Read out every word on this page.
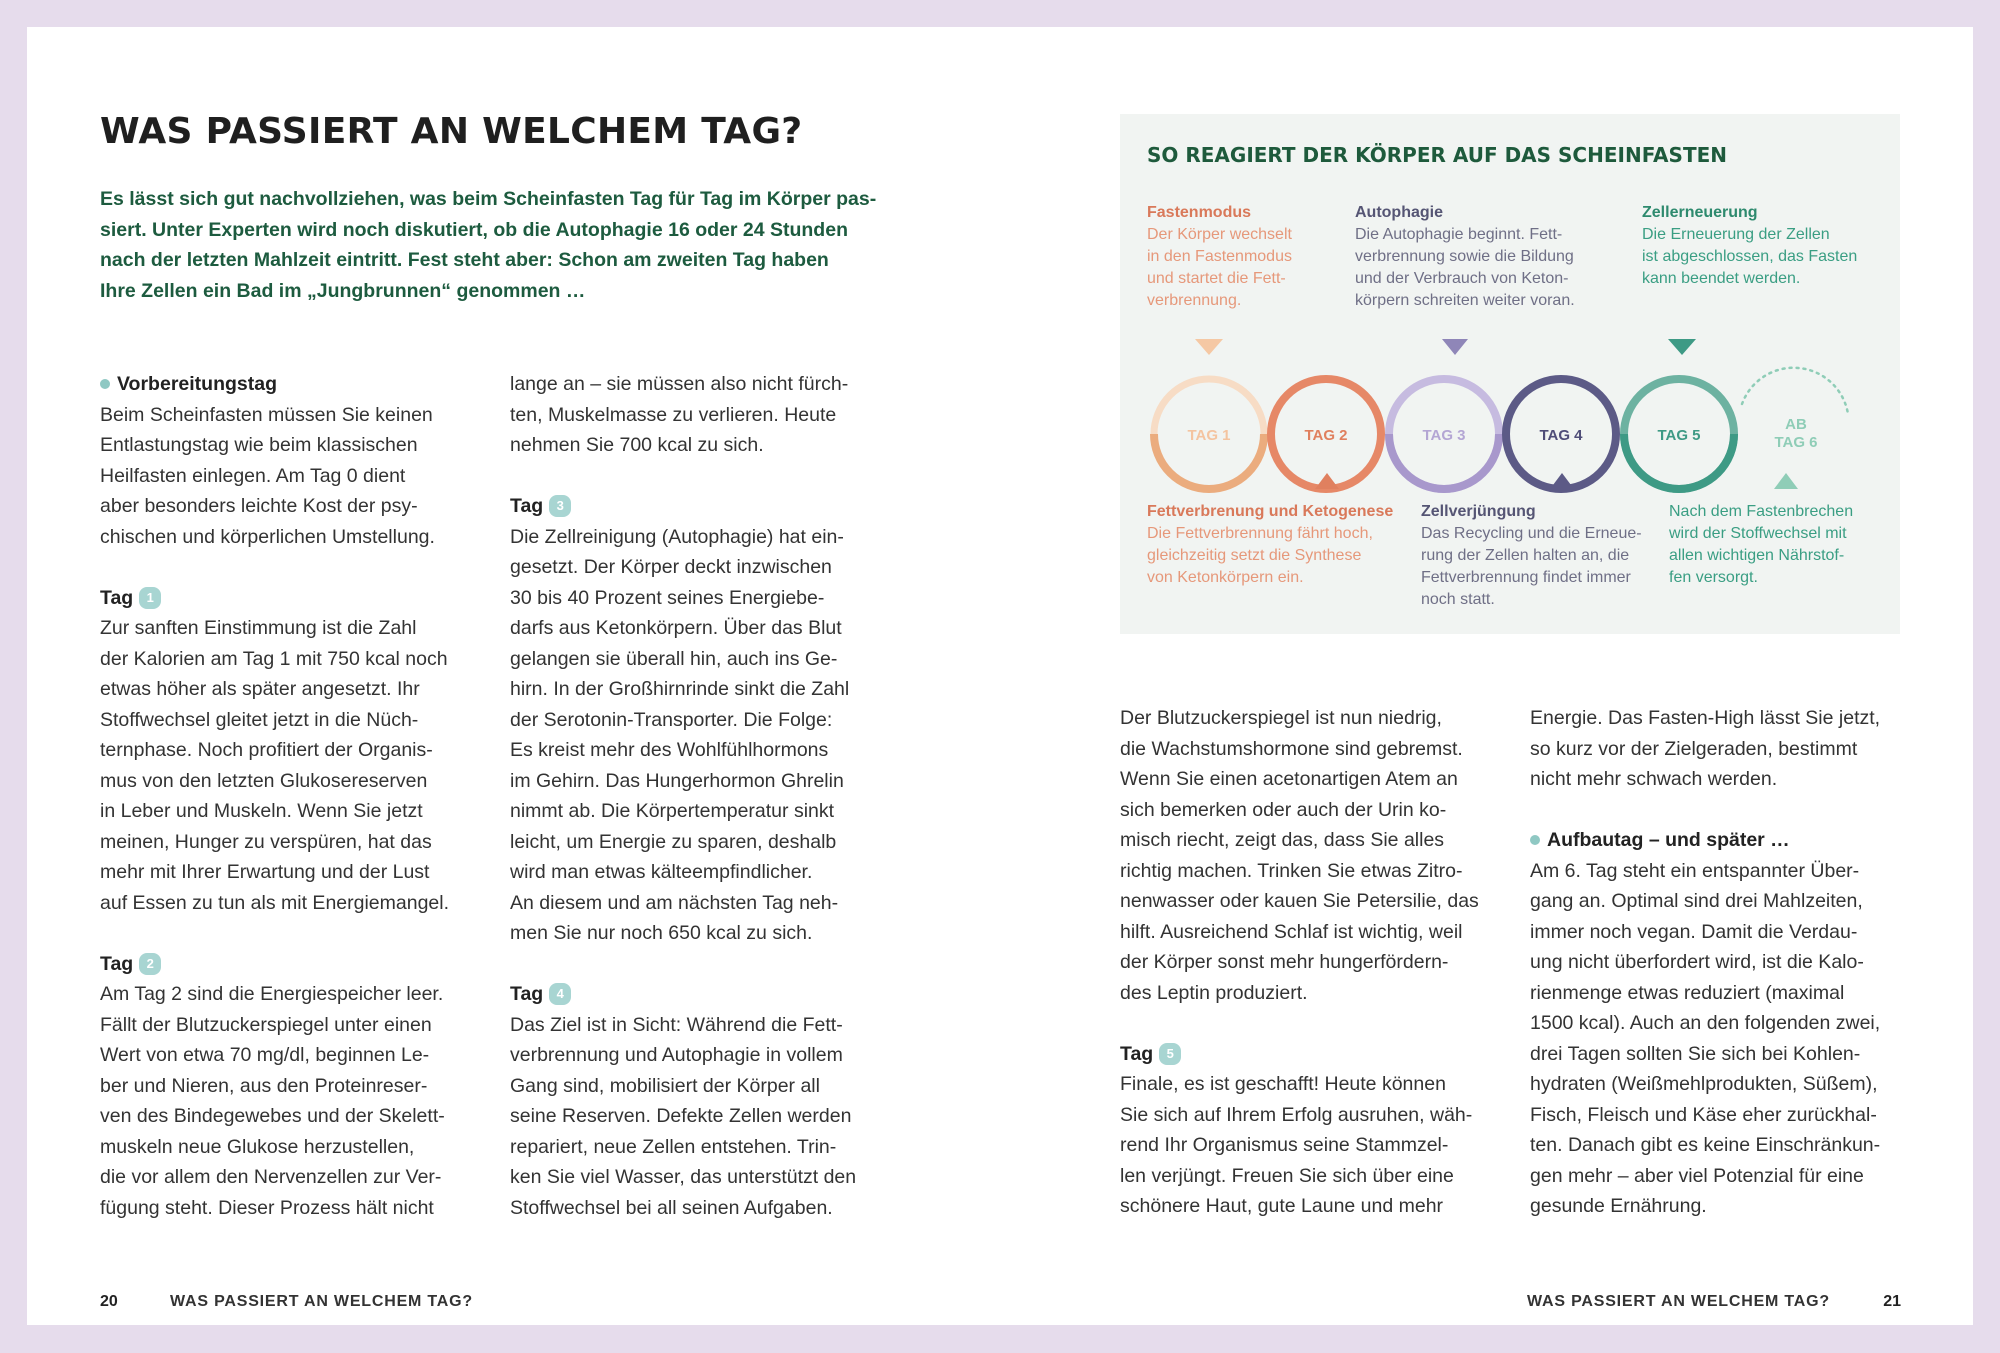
WAS PASSIERT AN WELCHEM TAG?

Es lässt sich gut nachvollziehen, was beim Scheinfasten Tag für Tag im Körper pas-
siert. Unter Experten wird noch diskutiert, ob die Autophagie 16 oder 24 Stunden
nach der letzten Mahlzeit eintritt. Fest steht aber: Schon am zweiten Tag haben
Ihre Zellen ein Bad im „Jungbrunnen“ genommen …

Vorbereitungstag

Beim Scheinfasten müssen Sie keinen
Entlastungstag wie beim klassischen
Heilfasten einlegen. Am Tag 0 dient
aber besonders leichte Kost der psy-
chischen und körperlichen Umstellung.

Tag	1

Zur sanften Einstimmung ist die Zahl
der Kalorien am Tag 1 mit 750 kcal noch
etwas höher als später angesetzt. Ihr
Stoffwechsel gleitet jetzt in die Nüch-
ternphase. Noch profitiert der Organis-
mus von den letzten Glukosereserven
in Leber und Muskeln. Wenn Sie jetzt
meinen, Hunger zu verspüren, hat das
mehr mit Ihrer Erwartung und der Lust
auf Essen zu tun als mit Energiemangel.

Tag	2

Am Tag 2 sind die Energiespeicher leer.
Fällt der Blutzuckerspiegel unter einen
Wert von etwa 70 mg/dl, beginnen Le-
ber und Nieren, aus den Proteinreser-
ven des Bindegewebes und der Skelett-
muskeln neue Glukose herzustellen,
die vor allem den Nervenzellen zur Ver-
fügung steht. Dieser Prozess hält nicht

lange an – sie müssen also nicht fürch-
ten, Muskelmasse zu verlieren. Heute
nehmen Sie 700 kcal zu sich.

Tag	3

Die Zellreinigung (Autophagie) hat ein-
gesetzt. Der Körper deckt inzwischen
30 bis 40 Prozent seines Energiebe-
darfs aus Ketonkörpern. Über das Blut
gelangen sie überall hin, auch ins Ge-
hirn. In der Großhirnrinde sinkt die Zahl
der Serotonin-Transporter. Die Folge:
Es kreist mehr des Wohlfühlhormons
im Gehirn. Das Hungerhormon Ghrelin
nimmt ab. Die Körpertemperatur sinkt
leicht, um Energie zu sparen, deshalb
wird man etwas kälteempfindlicher.
An diesem und am nächsten Tag neh-
men Sie nur noch 650 kcal zu sich.

Tag	4

Das Ziel ist in Sicht: Während die Fett-
verbrennung und Autophagie in vollem
Gang sind, mobilisiert der Körper all
seine Reserven. Defekte Zellen werden
repariert, neue Zellen entstehen. Trin-
ken Sie viel Wasser, das unterstützt den
Stoffwechsel bei all seinen Aufgaben.

20	WAS PASSIERT AN WELCHEM TAG?
SO REAGIERT DER KÖRPER AUF DAS SCHEINFASTEN
Fastenmodus
Der Körper wechselt
in den Fastenmodus
und startet die Fett-
verbrennung.
Autophagie
Die Autophagie beginnt. Fett-
verbrennung sowie die Bildung
und der Verbrauch von Keton-
körpern schreiten weiter voran.
Zellerneuerung
Die Erneuerung der Zellen
ist abgeschlossen, das Fasten
kann beendet werden.
TAG 1	TAG 2	TAG 3	TAG 4	TAG 5
AB
TAG 6
Fettverbrenung und Ketogenese
Die Fettverbrennung fährt hoch,
gleichzeitig setzt die Synthese
von Ketonkörpern ein.
Zellverjüngung
Das Recycling und die Erneue-
rung der Zellen halten an, die
Fettverbrennung findet immer
noch statt.
Nach dem Fastenbrechen
wird der Stoffwechsel mit
allen wichtigen Nährstof-
fen versorgt.

Der Blutzuckerspiegel ist nun niedrig,
die Wachstumshormone sind gebremst.
Wenn Sie einen acetonartigen Atem an
sich bemerken oder auch der Urin ko-
misch riecht, zeigt das, dass Sie alles
richtig machen. Trinken Sie etwas Zitro-
nenwasser oder kauen Sie Petersilie, das
hilft. Ausreichend Schlaf ist wichtig, weil
der Körper sonst mehr hungerfördern-
des Leptin produziert.

Tag	5

Finale, es ist geschafft! Heute können
Sie sich auf Ihrem Erfolg ausruhen, wäh-
rend Ihr Organismus seine Stammzel-
len verjüngt. Freuen Sie sich über eine
schönere Haut, gute Laune und mehr

Energie. Das Fasten-High lässt Sie jetzt,
so kurz vor der Zielgeraden, bestimmt
nicht mehr schwach werden.

Aufbautag – und später …

Am 6. Tag steht ein entspannter Über-
gang an. Optimal sind drei Mahlzeiten,
immer noch vegan. Damit die Verdau-
ung nicht überfordert wird, ist die Kalo-
rienmenge etwas reduziert (maximal
1500 kcal). Auch an den folgenden zwei,
drei Tagen sollten Sie sich bei Kohlen-
hydraten (Weißmehlprodukten, Süßem),
Fisch, Fleisch und Käse eher zurückhal-
ten. Danach gibt es keine Einschränkun-
gen mehr – aber viel Potenzial für eine
gesunde Ernährung.

WAS PASSIERT AN WELCHEM TAG?	21
